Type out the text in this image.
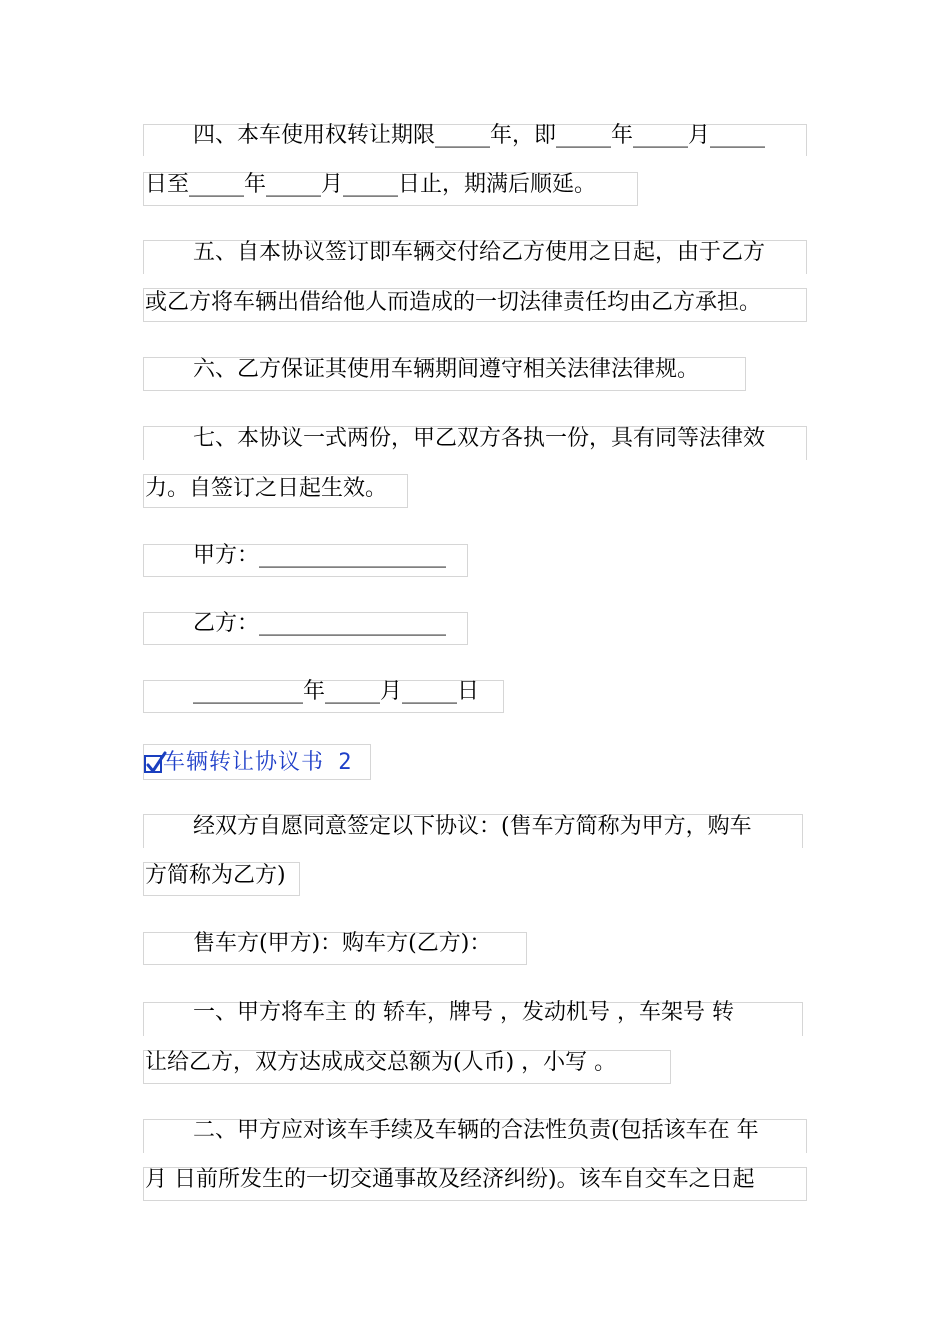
四、本车使用权转让期限_____年，即_____年_____月_____
日至_____年_____月_____日止，期满后顺延。
五、自本协议签订即车辆交付给乙方使用之日起，由于乙方
或乙方将车辆出借给他人而造成的一切法律责任均由乙方承担。
六、乙方保证其使用车辆期间遵守相关法律法律规。
七、本协议一式两份，甲乙双方各执一份，具有同等法律效
力。自签订之日起生效。
甲方：_________________
乙方：_________________
__________年_____月_____日
车辆转让协议书 2
经双方自愿同意签定以下协议：(售车方简称为甲方，购车
方简称为乙方)
售车方(甲方)：购车方(乙方)：
一、甲方将车主 的 轿车，牌号 ，发动机号 ，车架号 转
让给乙方，双方达成成交总额为(人币) ，小写 。
二、甲方应对该车手续及车辆的合法性负责(包括该车在 年
月 日前所发生的一切交通事故及经济纠纷)。该车自交车之日起
